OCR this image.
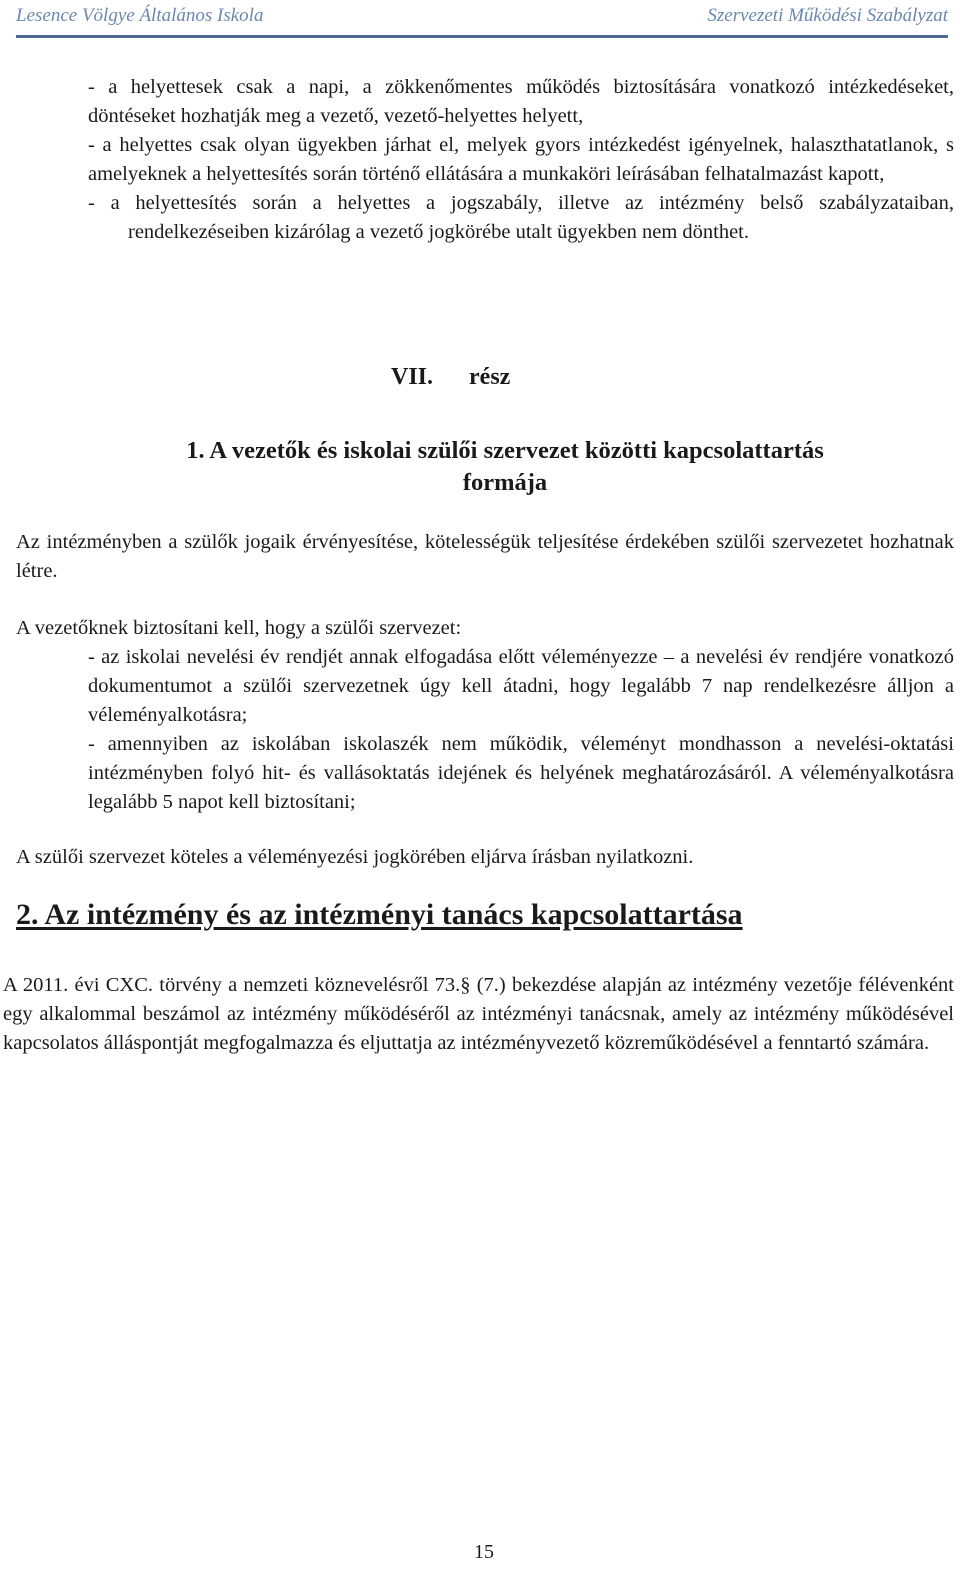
Lesence Völgye Általános Iskola	Szervezeti Működési Szabályzat
- a helyettesek csak a napi, a zökkenőmentes működés biztosítására vonatkozó intézkedéseket, döntéseket hozhatják meg a vezető, vezető-helyettes helyett,
- a helyettes csak olyan ügyekben járhat el, melyek gyors intézkedést igényelnek, halaszthatatlanok, s amelyeknek a helyettesítés során történő ellátására a munkaköri leírásában felhatalmazást kapott,
- a helyettesítés során a helyettes a jogszabály, illetve az intézmény belső szabályzataiban, rendelkezéseiben kizárólag a vezető jogkörébe utalt ügyekben nem dönthet.
VII. rész
1. A vezetők és iskolai szülői szervezet közötti kapcsolattartás formája

Az intézményben a szülők jogaik érvényesítése, kötelességük teljesítése érdekében szülői szervezetet hozhatnak létre.

A vezetőknek biztosítani kell, hogy a szülői szervezet:

- az iskolai nevelési év rendjét annak elfogadása előtt véleményezze – a nevelési év rendjére vonatkozó dokumentumot a szülői szervezetnek úgy kell átadni, hogy legalább 7 nap rendelkezésre álljon a véleményalkotásra;
- amennyiben az iskolában iskolaszék nem működik, véleményt mondhasson a nevelési-oktatási intézményben folyó hit- és vallásoktatás idejének és helyének meghatározásáról. A véleményalkotásra legalább 5 napot kell biztosítani;

A szülői szervezet köteles a véleményezési jogkörében eljárva írásban nyilatkozni.

2. Az intézmény és az intézményi tanács kapcsolattartása

A 2011. évi CXC. törvény a nemzeti köznevelésről 73.§ (7.) bekezdése alapján az intézmény vezetője félévenként egy alkalommal beszámol az intézmény működéséről az intézményi tanácsnak, amely az intézmény működésével kapcsolatos álláspontját megfogalmazza és eljuttatja az intézményvezető közreműködésével a fenntartó számára.

15
